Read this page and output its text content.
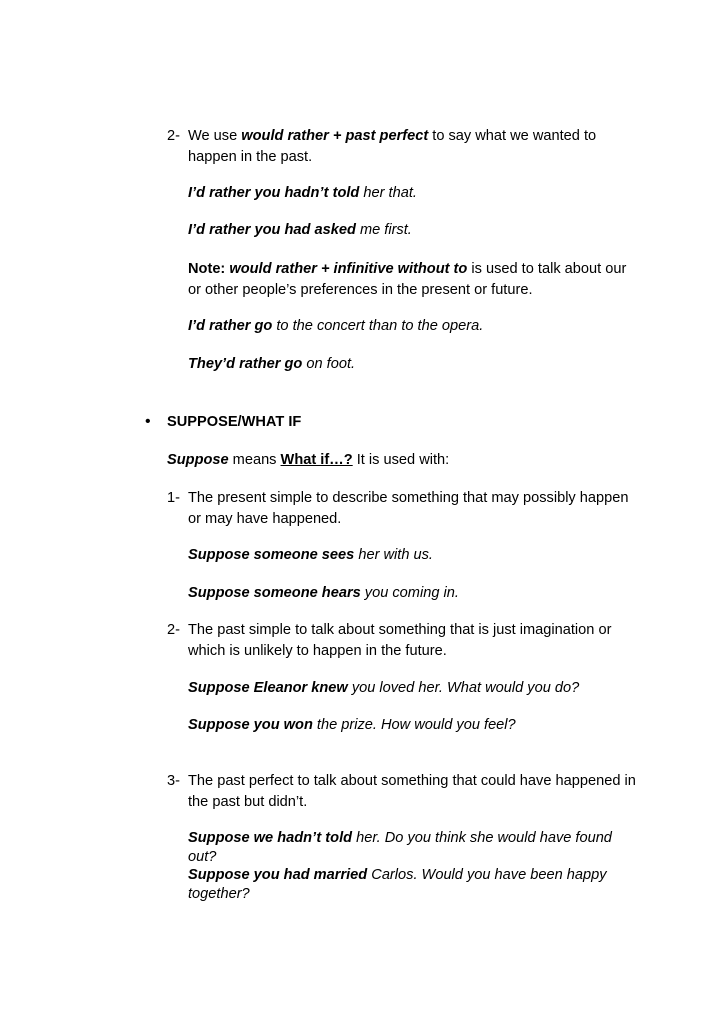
2- We use would rather + past perfect to say what we wanted to
happen in the past.
I’d rather you hadn’t told her that.
I’d rather you had asked me first.
Note: would rather + infinitive without to is used to talk about our
or other people’s preferences in the present or future.
I’d rather go to the concert than to the opera.
They’d rather go on foot.
• SUPPOSE/WHAT IF
Suppose means What if…? It is used with:
1- The present simple to describe something that may possibly happen
or may have happened.
Suppose someone sees her with us.
Suppose someone hears you coming in.
2- The past simple to talk about something that is just imagination or
which is unlikely to happen in the future.
Suppose Eleanor knew you loved her. What would you do?
Suppose you won the prize. How would you feel?
3- The past perfect to talk about something that could have happened in
the past but didn’t.
Suppose we hadn’t told her. Do you think she would have found
out?
Suppose you had married Carlos. Would you have been happy
together?
